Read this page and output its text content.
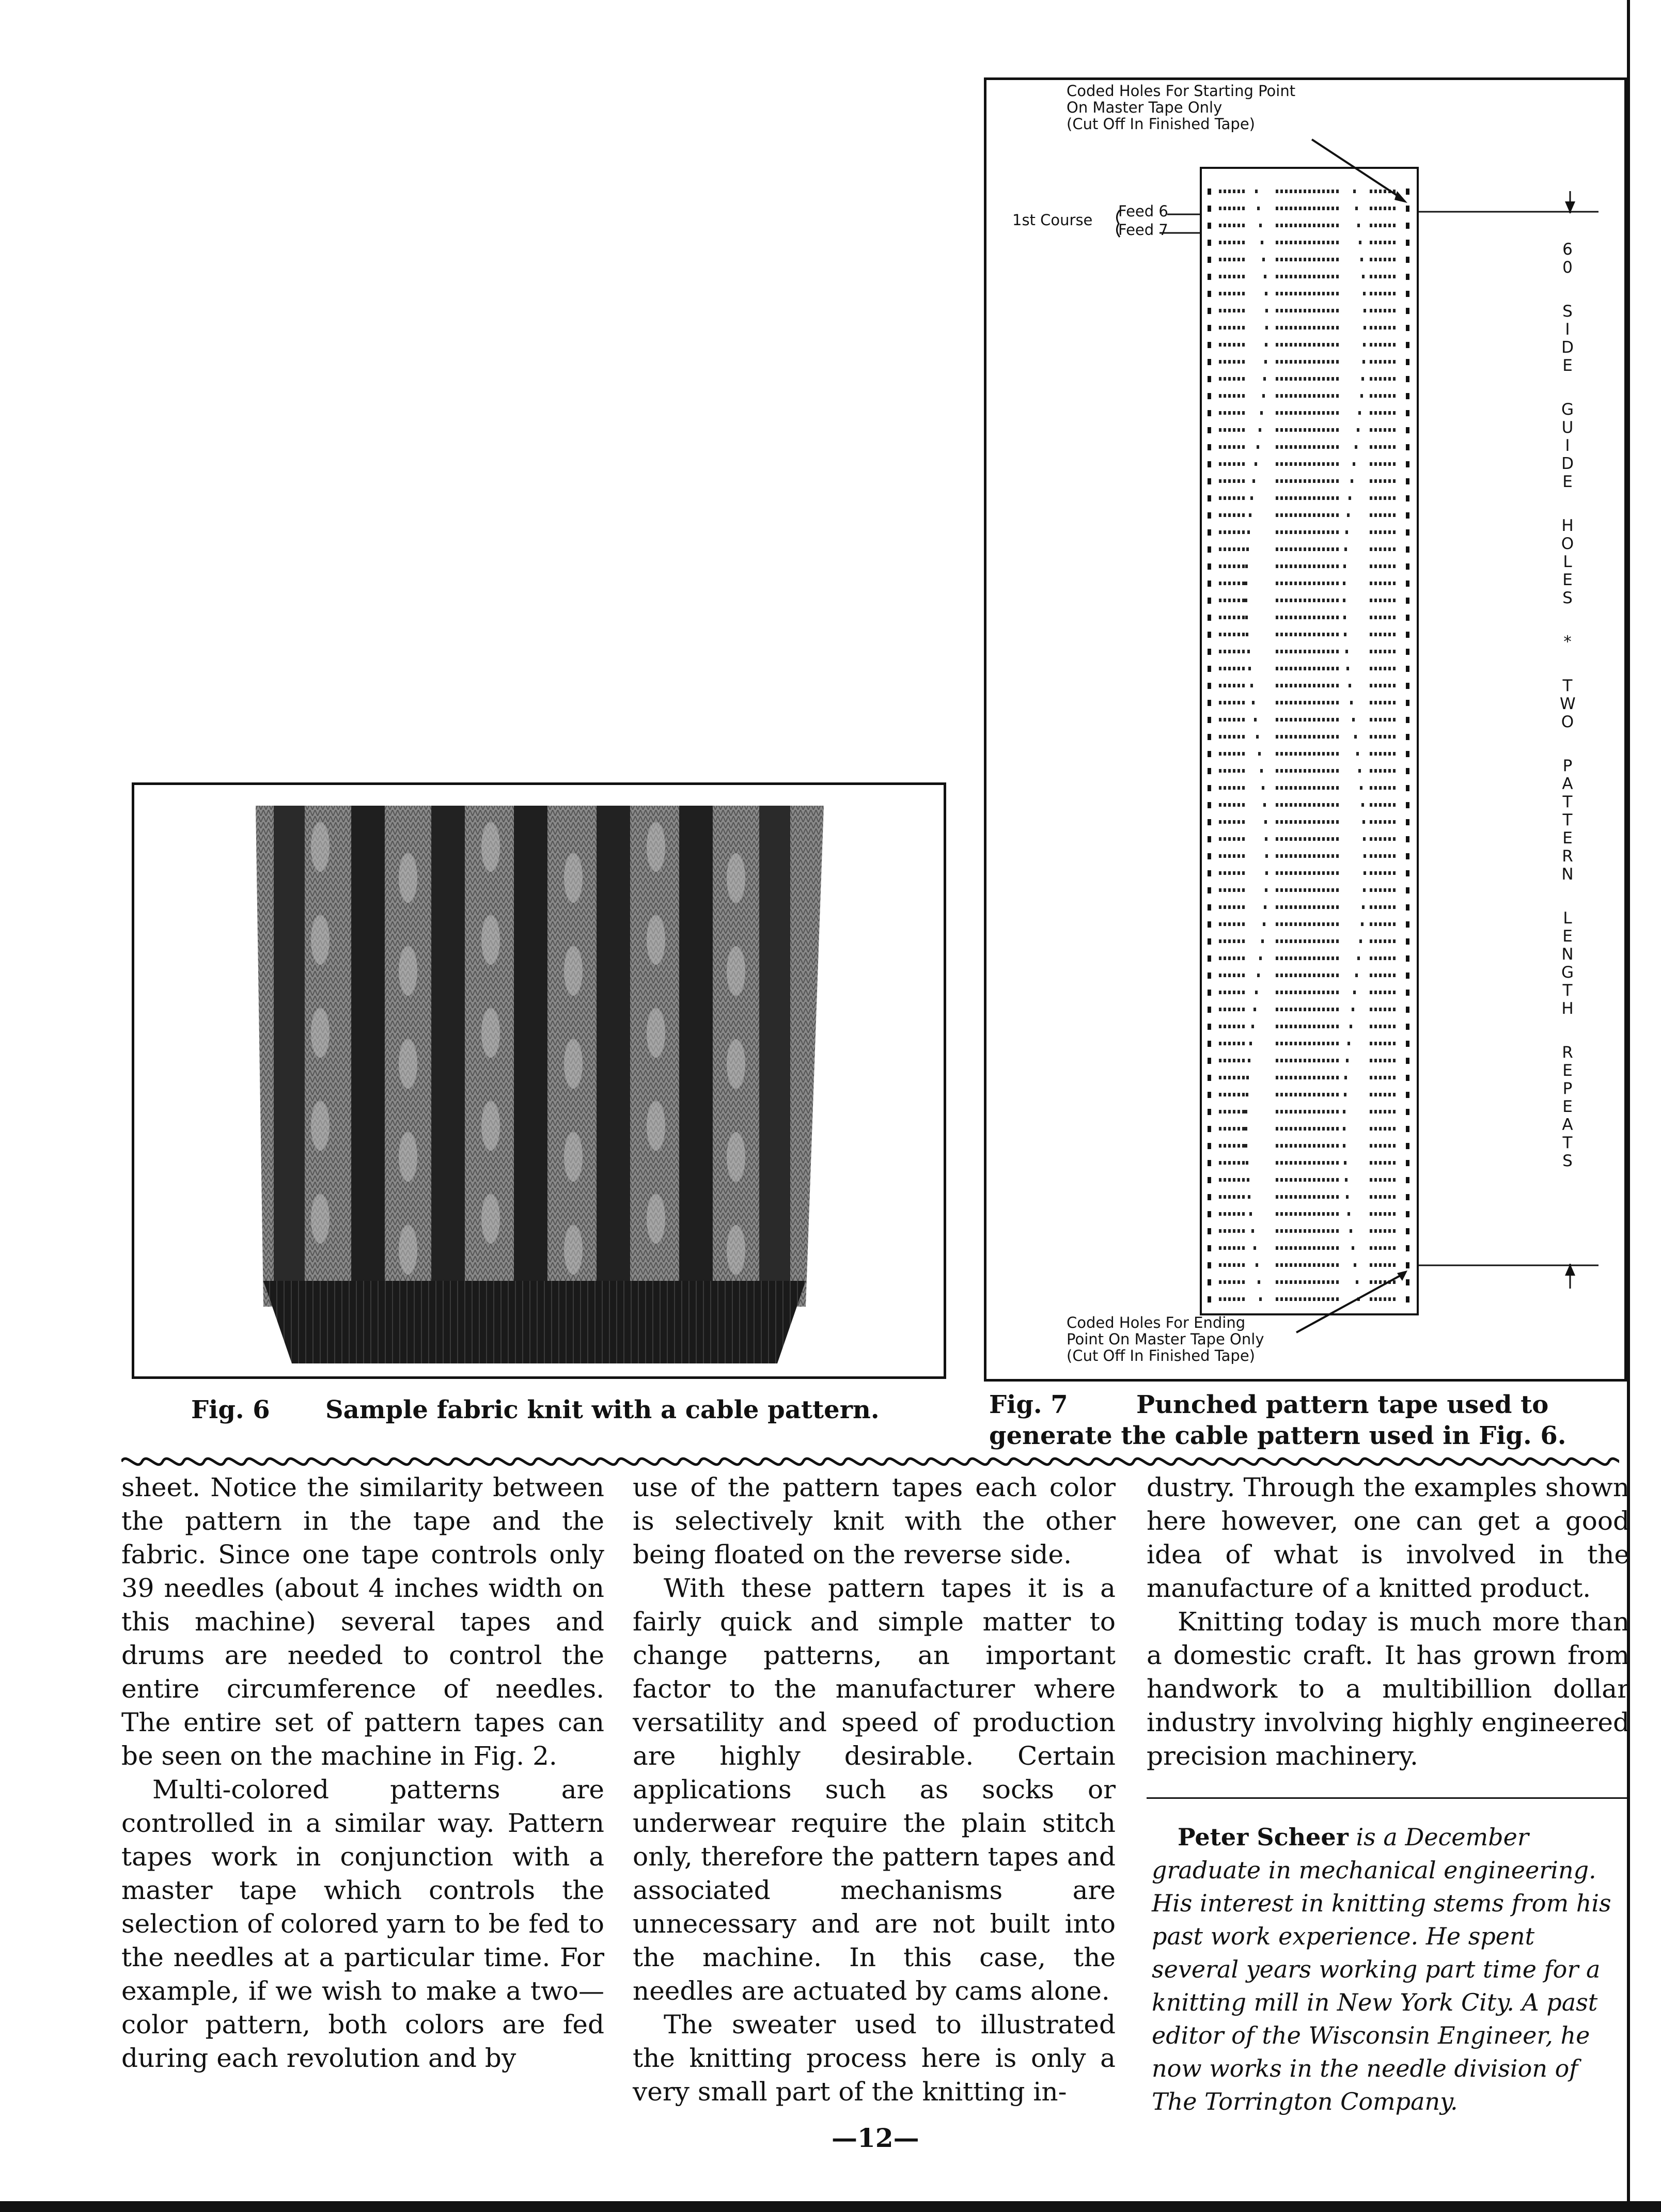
Fig. 6 Sample fabric knit with a cable pattern.
Coded Holes For Starting Point
On Master Tape Only
(Cut Off In Finished Tape)
1st Course Feed 6
Feed 7
Coded Holes For Ending
Point On Master Tape Only
(Cut Off In Finished Tape)
6
0
S
I
D
E
G
U
I
D
E
H
O
L
E
S
*
T
W
O
P
A
T
T
E
R
N
L
E
N
G
T
H
R
E
P
E
A
T
S
Fig. 7	Punched pattern tape used to
generate the cable pattern used in Fig. 6.

sheet. Notice the similarity between the pattern in the tape and the fabric. Since one tape controls only 39 needles (about 4 inches width on this machine) several tapes and drums are needed to control the entire circumference of needles. The entire set of pattern tapes can be seen on the machine in Fig. 2.

Multi-colored patterns are controlled in a similar way. Pattern tapes work in conjunction with a master tape which controls the selection of colored yarn to be fed to the needles at a particular time. For example, if we wish to make a two—color pattern, both colors are fed during each revolution and by

use of the pattern tapes each color is selectively knit with the other being floated on the reverse side.

With these pattern tapes it is a fairly quick and simple matter to change patterns, an important factor to the manufacturer where versatility and speed of production are highly desirable. Certain applications such as socks or underwear require the plain stitch only, therefore the pattern tapes and associated mechanisms are unnecessary and are not built into the machine. In this case, the needles are actuated by cams alone.

The sweater used to illustrated the knitting process here is only a very small part of the knitting in-

dustry. Through the examples shown here however, one can get a good idea of what is involved in the manufacture of a knitted product.

Knitting today is much more than a domestic craft. It has grown from handwork to a multibillion dollar industry involving highly engineered precision machinery.

Peter Scheer is a December graduate in mechanical engineering. His interest in knitting stems from his past work experience. He spent several years working part time for a knitting mill in New York City. A past editor of the Wisconsin Engineer, he now works in the needle division of The Torrington Company.
—12—
